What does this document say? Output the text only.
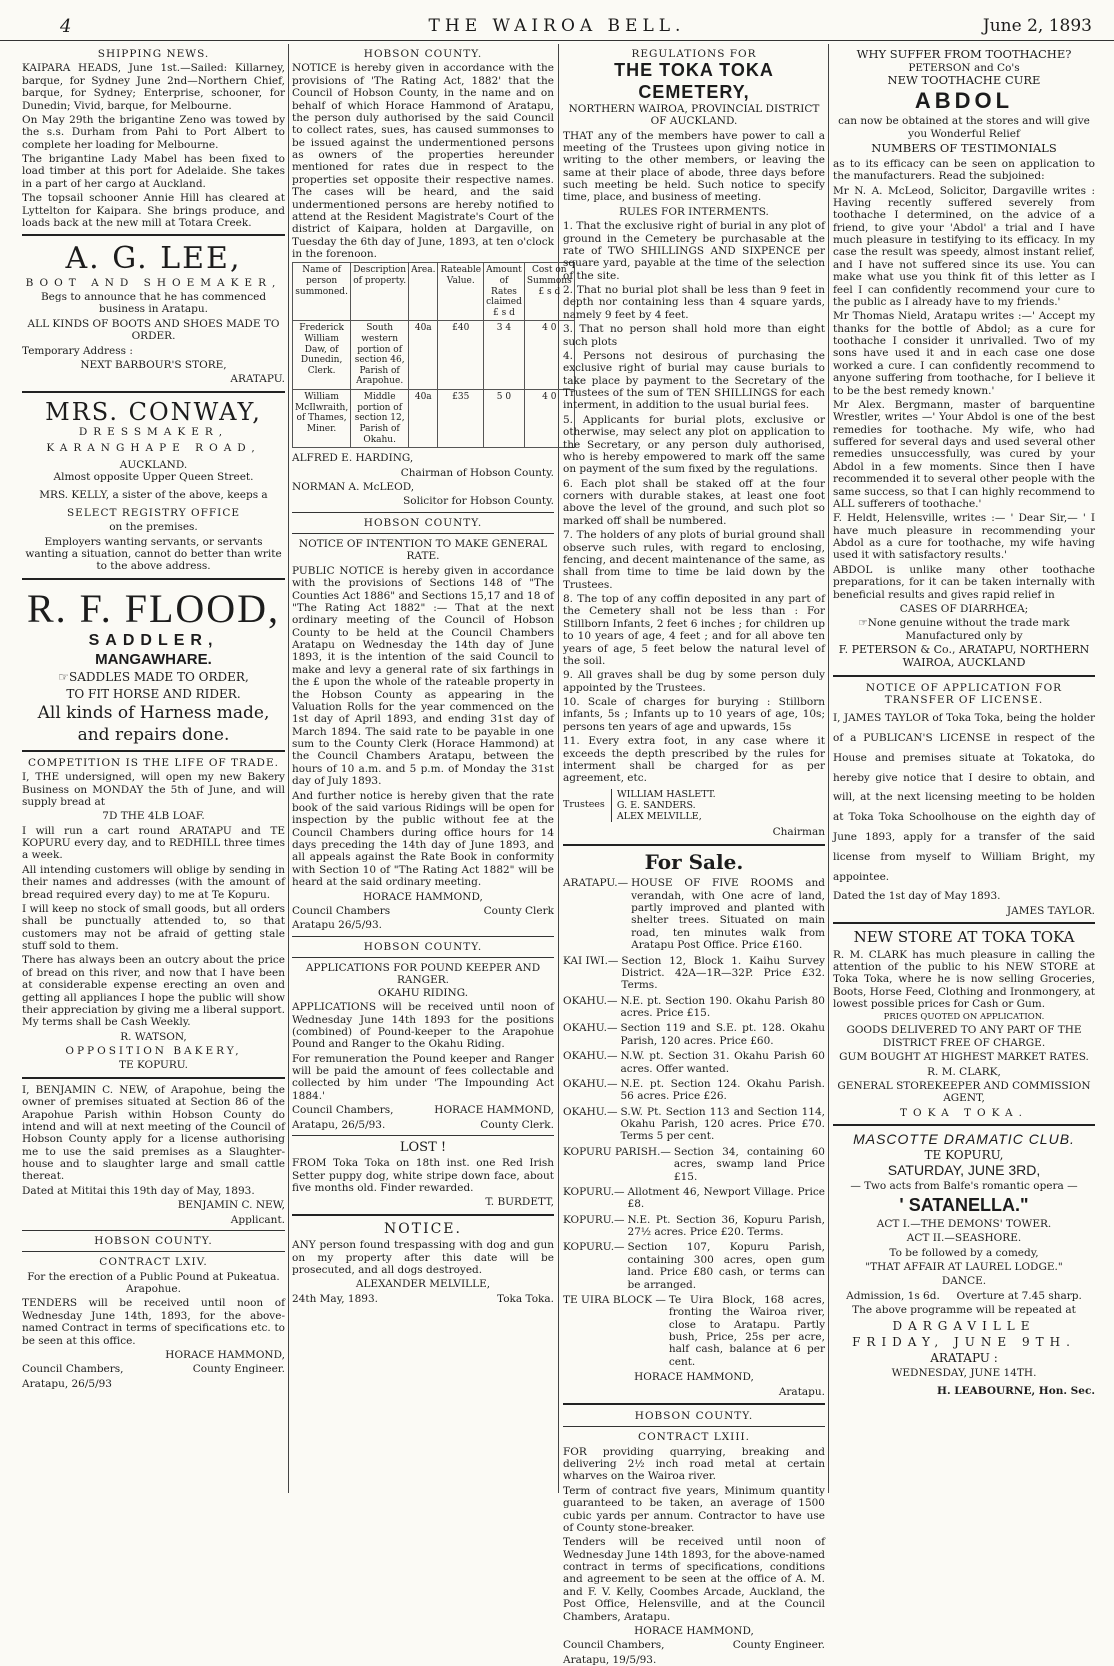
4	THE WAIROA BELL.	June 2, 1893
SHIPPING NEWS.

KAIPARA HEADS, June 1st.—Sailed: Killarney, barque, for Sydney June 2nd—Northern Chief, barque, for Sydney; Enterprise, schooner, for Dunedin; Vivid, barque, for Melbourne.

On May 29th the brigantine Zeno was towed by the s.s. Durham from Pahi to Port Albert to complete her loading for Melbourne.

The brigantine Lady Mabel has been fixed to load timber at this port for Adelaide. She takes in a part of her cargo at Auckland.

The topsail schooner Annie Hill has cleared at Lyttelton for Kaipara. She brings produce, and loads back at the new mill at Totara Creek.

A. G. LEE,
BOOT AND SHOEMAKER,

Begs to announce that he has commenced business in Aratapu.

ALL KINDS OF BOOTS AND SHOES MADE TO ORDER.

Temporary Address :

NEXT BARBOUR'S STORE,

ARATAPU.

MRS. CONWAY,
DRESSMAKER,
KARANGHAPE ROAD,
AUCKLAND.
Almost opposite Upper Queen Street.

MRS. KELLY, a sister of the above, keeps a

SELECT REGISTRY OFFICE

on the premises.

Employers wanting servants, or servants wanting a situation, cannot do better than write to the above address.

R. F. FLOOD,
SADDLER,
MANGAWHARE.

☞SADDLES MADE TO ORDER,

TO FIT HORSE AND RIDER.

All kinds of Harness made,

and repairs done.

COMPETITION IS THE LIFE OF TRADE.

I, THE undersigned, will open my new Bakery Business on MONDAY the 5th of June, and will supply bread at

7D THE 4LB LOAF.

I will run a cart round ARATAPU and TE KOPURU every day, and to REDHILL three times a week.

All intending customers will oblige by sending in their names and addresses (with the amount of bread required every day) to me at Te Kopuru.

I will keep no stock of small goods, but all orders shall be punctually attended to, so that customers may not be afraid of getting stale stuff sold to them.

There has always been an outcry about the price of bread on this river, and now that I have been at considerable expense erecting an oven and getting all appliances I hope the public will show their appreciation by giving me a liberal support. My terms shall be Cash Weekly.

R. WATSON,

OPPOSITION BAKERY,

TE KOPURU.

I, BENJAMIN C. NEW, of Arapohue, being the owner of premises situated at Section 86 of the Arapohue Parish within Hobson County do intend and will at next meeting of the Council of Hobson County apply for a license authorising me to use the said premises as a Slaughter-house and to slaughter large and small cattle thereat.

Dated at Mititai this 19th day of May, 1893.

BENJAMIN C. NEW,

Applicant.

HOBSON COUNTY.
CONTRACT LXIV.

For the erection of a Public Pound at Pukeatua. Arapohue.

TENDERS will be received until noon of Wednesday June 14th, 1893, for the above-named Contract in terms of specifications etc. to be seen at this office.

HORACE HAMMOND,

Council Chambers,	County Engineer.

Aratapu, 26/5/93

HOBSON COUNTY.

NOTICE is hereby given in accordance with the provisions of 'The Rating Act, 1882' that the Council of Hobson County, in the name and on behalf of which Horace Hammond of Aratapu, the person duly authorised by the said Council to collect rates, sues, has caused summonses to be issued against the undermentioned persons as owners of the properties hereunder mentioned for rates due in respect to the properties set opposite their respective names. The cases will be heard, and the said undermentioned persons are hereby notified to attend at the Resident Magistrate's Court of the district of Kaipara, holden at Dargaville, on Tuesday the 6th day of June, 1893, at ten o'clock in the forenoon.

Name of person summoned.	Description of property.	Area.	Rateable Value.	Amount of Rates claimed £ s d	Cost on Summons £ s d
Frederick William Daw, of Dunedin, Clerk.	South western portion of section 46, Parish of Arapohue.	40a	£40	3 4	4 0
William McIlwraith, of Thames, Miner.	Middle portion of section 12, Parish of Okahu.	40a	£35	5 0	4 0

ALFRED E. HARDING,

Chairman of Hobson County.

NORMAN A. McLEOD,

Solicitor for Hobson County.

HOBSON COUNTY.
NOTICE OF INTENTION TO MAKE GENERAL RATE.

PUBLIC NOTICE is hereby given in accordance with the provisions of Sections 148 of "The Counties Act 1886" and Sections 15,17 and 18 of "The Rating Act 1882" :— That at the next ordinary meeting of the Council of Hobson County to be held at the Council Chambers Aratapu on Wednesday the 14th day of June 1893, it is the intention of the said Council to make and levy a general rate of six farthings in the £ upon the whole of the rateable property in the Hobson County as appearing in the Valuation Rolls for the year commenced on the 1st day of April 1893, and ending 31st day of March 1894. The said rate to be payable in one sum to the County Clerk (Horace Hammond) at the Council Chambers Aratapu, between the hours of 10 a.m. and 5 p.m. of Monday the 31st day of July 1893.

And further notice is hereby given that the rate book of the said various Ridings will be open for inspection by the public without fee at the Council Chambers during office hours for 14 days preceding the 14th day of June 1893, and all appeals against the Rate Book in conformity with Section 10 of "The Rating Act 1882" will be heard at the said ordinary meeting.

HORACE HAMMOND,

Council Chambers	County Clerk

Aratapu 26/5/93.

HOBSON COUNTY.
APPLICATIONS FOR POUND KEEPER AND RANGER.
OKAHU RIDING.

APPLICATIONS will be received until noon of Wednesday June 14th 1893 for the positions (combined) of Pound-keeper to the Arapohue Pound and Ranger to the Okahu Riding.

For remuneration the Pound keeper and Ranger will be paid the amount of fees collectable and collected by him under 'The Impounding Act 1884.'

Council Chambers,	HORACE HAMMOND,

Aratapu, 26/5/93.	County Clerk.

LOST !

FROM Toka Toka on 18th inst. one Red Irish Setter puppy dog, white stripe down face, about five months old. Finder rewarded.

T. BURDETT,

NOTICE.

ANY person found trespassing with dog and gun on my property after this date will be prosecuted, and all dogs destroyed.

ALEXANDER MELVILLE,

24th May, 1893.	Toka Toka.

REGULATIONS FOR
THE TOKA TOKA CEMETERY,
NORTHERN WAIROA, PROVINCIAL DISTRICT OF AUCKLAND.

THAT any of the members have power to call a meeting of the Trustees upon giving notice in writing to the other members, or leaving the same at their place of abode, three days before such meeting be held. Such notice to specify time, place, and business of meeting.

RULES FOR INTERMENTS.

1. That the exclusive right of burial in any plot of ground in the Cemetery be purchasable at the rate of TWO SHILLINGS AND SIXPENCE per square yard, payable at the time of the selection of the site.

2. That no burial plot shall be less than 9 feet in depth nor containing less than 4 square yards, namely 9 feet by 4 feet.

3. That no person shall hold more than eight such plots

4. Persons not desirous of purchasing the exclusive right of burial may cause burials to take place by payment to the Secretary of the Trustees of the sum of TEN SHILLINGS for each interment, in addition to the usual burial fees.

5. Applicants for burial plots, exclusive or otherwise, may select any plot on application to the Secretary, or any person duly authorised, who is hereby empowered to mark off the same on payment of the sum fixed by the regulations.

6. Each plot shall be staked off at the four corners with durable stakes, at least one foot above the level of the ground, and such plot so marked off shall be numbered.

7. The holders of any plots of burial ground shall observe such rules, with regard to enclosing, fencing, and decent maintenance of the same, as shall from time to time be laid down by the Trustees.

8. The top of any coffin deposited in any part of the Cemetery shall not be less than : For Stillborn Infants, 2 feet 6 inches ; for children up to 10 years of age, 4 feet ; and for all above ten years of age, 5 feet below the natural level of the soil.

9. All graves shall be dug by some person duly appointed by the Trustees.

10. Scale of charges for burying : Stillborn infants, 5s ; Infants up to 10 years of age, 10s; persons ten years of age and upwards, 15s

11. Every extra foot, in any case where it exceeds the depth prescribed by the rules for interment shall be charged for as per agreement, etc.

Trustees
WILLIAM HASLETT.
G. E. SANDERS.
ALEX MELVILLE,

Chairman

For Sale.
ARATAPU.— HOUSE OF FIVE ROOMS and verandah, with One acre of land, partly improved and planted with shelter trees. Situated on main road, ten minutes walk from Aratapu Post Office. Price £160.
KAI IWI.— Section 12, Block 1. Kaihu Survey District. 42A—1R—32P. Price £32. Terms.
OKAHU.— N.E. pt. Section 190. Okahu Parish 80 acres. Price £15.
OKAHU.— Section 119 and S.E. pt. 128. Okahu Parish, 120 acres. Price £60.
OKAHU.— N.W. pt. Section 31. Okahu Parish 60 acres. Offer wanted.
OKAHU.— N.E. pt. Section 124. Okahu Parish. 56 acres. Price £26.
OKAHU.— S.W. Pt. Section 113 and Section 114, Okahu Parish, 120 acres. Price £70. Terms 5 per cent.
KOPURU PARISH.— Section 34, containing 60 acres, swamp land Price £15.
KOPURU.— Allotment 46, Newport Village. Price £8.
KOPURU.— N.E. Pt. Section 36, Kopuru Parish, 27½ acres. Price £20. Terms.
KOPURU.— Section 107, Kopuru Parish, containing 300 acres, open gum land. Price £80 cash, or terms can be arranged.
TE UIRA BLOCK — Te Uira Block, 168 acres, fronting the Wairoa river, close to Aratapu. Partly bush, Price, 25s per acre, half cash, balance at 6 per cent.

HORACE HAMMOND,

Aratapu.

HOBSON COUNTY.
CONTRACT LXIII.

FOR providing quarrying, breaking and delivering 2½ inch road metal at certain wharves on the Wairoa river.

Term of contract five years, Minimum quantity guaranteed to be taken, an average of 1500 cubic yards per annum. Contractor to have use of County stone-breaker.

Tenders will be received until noon of Wednesday June 14th 1893, for the above-named contract in terms of specifications, conditions and agreement to be seen at the office of A. M. and F. V. Kelly, Coombes Arcade, Auckland, the Post Office, Helensville, and at the Council Chambers, Aratapu.

HORACE HAMMOND,

Council Chambers,	County Engineer.

Aratapu, 19/5/93.

WHY SUFFER FROM TOOTHACHE?
PETERSON and Co's
NEW TOOTHACHE CURE
ABDOL

can now be obtained at the stores and will give you Wonderful Relief

NUMBERS OF TESTIMONIALS

as to its efficacy can be seen on application to the manufacturers. Read the subjoined:

Mr N. A. McLeod, Solicitor, Dargaville writes : Having recently suffered severely from toothache I determined, on the advice of a friend, to give your 'Abdol' a trial and I have much pleasure in testifying to its efficacy. In my case the result was speedy, almost instant relief, and I have not suffered since its use. You can make what use you think fit of this letter as I feel I can confidently recommend your cure to the public as I already have to my friends.'

Mr Thomas Nield, Aratapu writes :—' Accept my thanks for the bottle of Abdol; as a cure for toothache I consider it unrivalled. Two of my sons have used it and in each case one dose worked a cure. I can confidently recommend to anyone suffering from toothache, for I believe it to be the best remedy known.'

Mr Alex. Bergmann, master of barquentine Wrestler, writes —' Your Abdol is one of the best remedies for toothache. My wife, who had suffered for several days and used several other remedies unsuccessfully, was cured by your Abdol in a few moments. Since then I have recommended it to several other people with the same success, so that I can highly recommend to ALL sufferers of toothache.'

F. Heldt, Helensville, writes :— ' Dear Sir,— ' I have much pleasure in recommending your Abdol as a cure for toothache, my wife having used it with satisfactory results.'

ABDOL is unlike many other toothache preparations, for it can be taken internally with beneficial results and gives rapid relief in

CASES OF DIARRHŒA;

☞None genuine without the trade mark Manufactured only by

F. PETERSON & Co., ARATAPU, NORTHERN WAIROA, AUCKLAND

NOTICE OF APPLICATION FOR TRANSFER OF LICENSE.

I, JAMES TAYLOR of Toka Toka, being the holder of a PUBLICAN'S LICENSE in respect of the House and premises situate at Tokatoka, do hereby give notice that I desire to obtain, and will, at the next licensing meeting to be holden at Toka Toka Schoolhouse on the eighth day of June 1893, apply for a transfer of the said license from myself to William Bright, my appointee.

Dated the 1st day of May 1893.

JAMES TAYLOR.

NEW STORE AT TOKA TOKA

R. M. CLARK has much pleasure in calling the attention of the public to his NEW STORE at Toka Toka, where he is now selling Groceries, Boots, Horse Feed, Clothing and Ironmongery, at lowest possible prices for Cash or Gum.

PRICES QUOTED ON APPLICATION.

GOODS DELIVERED TO ANY PART OF THE DISTRICT FREE OF CHARGE.

GUM BOUGHT AT HIGHEST MARKET RATES.

R. M. CLARK,

GENERAL STOREKEEPER AND COMMISSION AGENT,

TOKA TOKA.

MASCOTTE DRAMATIC CLUB.
TE KOPURU,
SATURDAY, JUNE 3RD,

— Two acts from Balfe's romantic opera —

' SATANELLA."

ACT I.—THE DEMONS' TOWER.

ACT II.—SEASHORE.

To be followed by a comedy,

"THAT AFFAIR AT LAUREL LODGE."

DANCE.

Admission, 1s 6d.     Overture at 7.45 sharp.

The above programme will be repeated at

DARGAVILLE

FRIDAY, JUNE 9TH.

ARATAPU :

WEDNESDAY, JUNE 14TH.

H. LEABOURNE, Hon. Sec.
